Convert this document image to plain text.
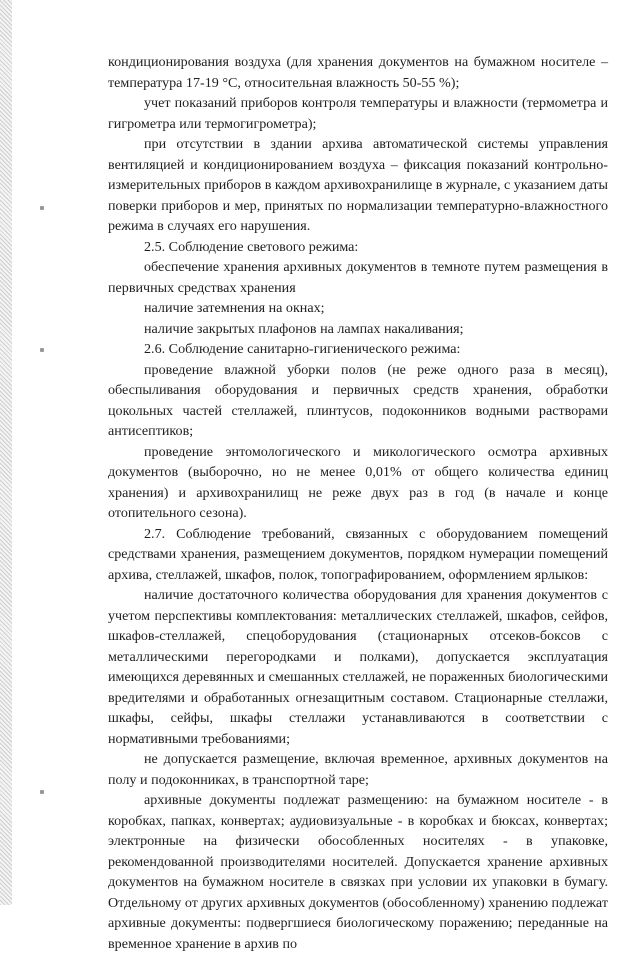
кондиционирования воздуха (для хранения документов на бумажном носителе – температура 17-19 °С, относительная влажность 50-55 %);

учет показаний приборов контроля температуры и влажности (термометра и гигрометра или термогигрометра);

при отсутствии в здании архива автоматической системы управления вентиляцией и кондиционированием воздуха – фиксация показаний контрольно-измерительных приборов в каждом архивохранилище в журнале, с указанием даты поверки приборов и мер, принятых по нормализации температурно-влажностного режима в случаях его нарушения.

2.5. Соблюдение светового режима:

обеспечение хранения архивных документов в темноте путем размещения в первичных средствах хранения

наличие затемнения на окнах;

наличие закрытых плафонов на лампах накаливания;

2.6. Соблюдение санитарно-гигиенического режима:

проведение влажной уборки полов (не реже одного раза в месяц), обеспыливания оборудования и первичных средств хранения, обработки цокольных частей стеллажей, плинтусов, подоконников водными растворами антисептиков;

проведение энтомологического и микологического осмотра архивных документов (выборочно, но не менее 0,01% от общего количества единиц хранения) и архивохранилищ не реже двух раз в год (в начале и конце отопительного сезона).

2.7. Соблюдение требований, связанных с оборудованием помещений средствами хранения, размещением документов, порядком нумерации помещений архива, стеллажей, шкафов, полок, топографированием, оформлением ярлыков:

наличие достаточного количества оборудования для хранения документов с учетом перспективы комплектования: металлических стеллажей, шкафов, сейфов, шкафов-стеллажей, спецоборудования (стационарных отсеков-боксов с металлическими перегородками и полками), допускается эксплуатация имеющихся деревянных и смешанных стеллажей, не пораженных биологическими вредителями и обработанных огнезащитным составом. Стационарные стеллажи, шкафы, сейфы, шкафы стеллажи устанавливаются в соответствии с нормативными требованиями;

не допускается размещение, включая временное, архивных документов на полу и подоконниках, в транспортной таре;

архивные документы подлежат размещению: на бумажном носителе - в коробках, папках, конвертах; аудиовизуальные - в коробках и бюксах, конвертах; электронные на физически обособленных носителях - в упаковке, рекомендованной производителями носителей. Допускается хранение архивных документов на бумажном носителе в связках при условии их упаковки в бумагу. Отдельному от других архивных документов (обособленному) хранению подлежат архивные документы: подвергшиеся биологическому поражению; переданные на временное хранение в архив по
